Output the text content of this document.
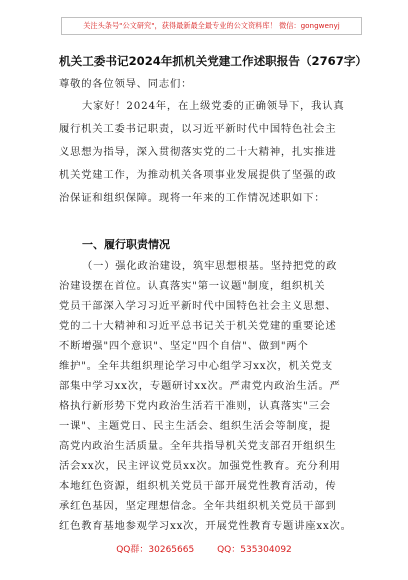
关注头条号"公文研究"，获得最新最全最专业的公文资料库！ 微信：gongwenyj
机关工委书记2024年抓机关党建工作述职报告（2767字）
尊敬的各位领导、同志们：
大家好！2024年，在上级党委的正确领导下，我认真
履行机关工委书记职责，以习近平新时代中国特色社会主
义思想为指导，深入贯彻落实党的二十大精神，扎实推进
机关党建工作，为推动机关各项事业发展提供了坚强的政
治保证和组织保障。现将一年来的工作情况述职如下：
一、履行职责情况
（一）强化政治建设，筑牢思想根基。坚持把党的政
治建设摆在首位。认真落实"第一议题"制度，组织机关
党员干部深入学习习近平新时代中国特色社会主义思想、
党的二十大精神和习近平总书记关于机关党建的重要论述
不断增强"四个意识"、坚定"四个自信"、做到"两个
维护"。全年共组织理论学习中心组学习xx次，机关党支
部集中学习xx次，专题研讨xx次。严肃党内政治生活。严
格执行新形势下党内政治生活若干准则，认真落实"三会
一课"、主题党日、民主生活会、组织生活会等制度，提
高党内政治生活质量。全年共指导机关党支部召开组织生
活会xx次，民主评议党员xx次。加强党性教育。充分利用
本地红色资源，组织机关党员干部开展党性教育活动，传
承红色基因，坚定理想信念。全年共组织机关党员干部到
红色教育基地参观学习xx次，开展党性教育专题讲座xx次。
QQ群：30265665	QQ：535304092
